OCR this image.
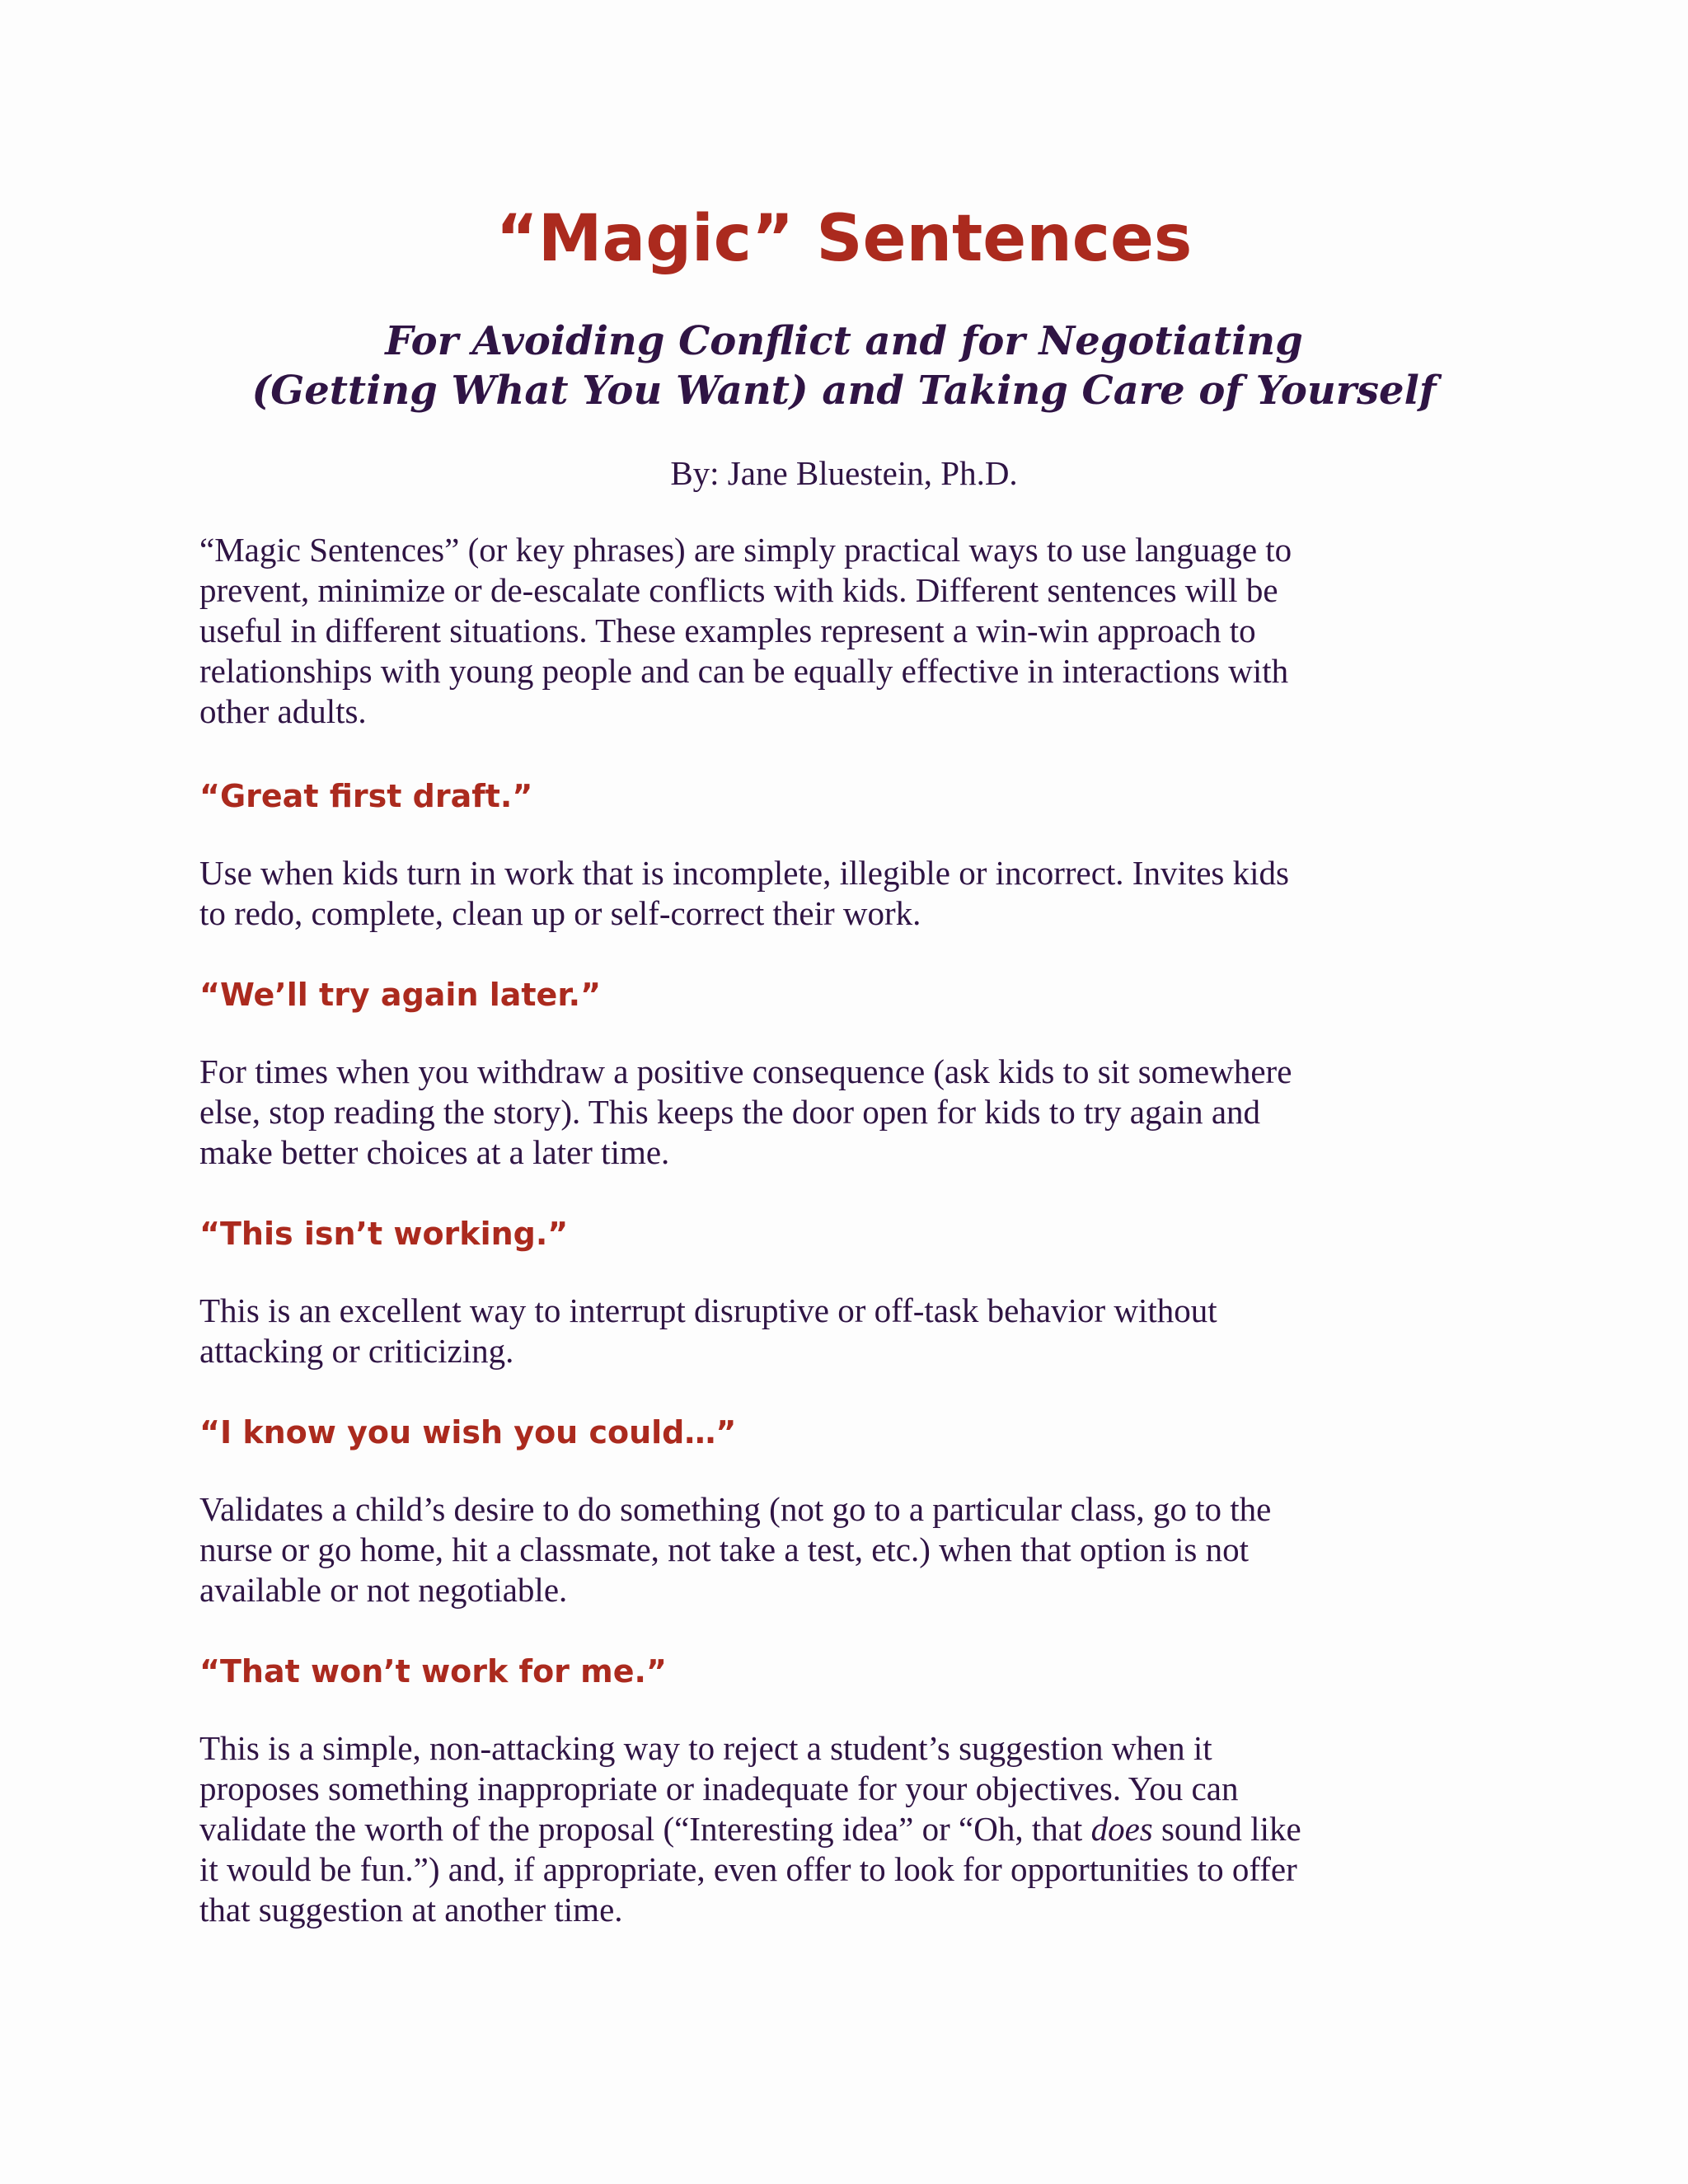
“Magic” Sentences
For Avoiding Conflict and for Negotiating
(Getting What You Want) and Taking Care of Yourself

By: Jane Bluestein, Ph.D.

“Magic Sentences” (or key phrases) are simply practical ways to use language to
prevent, minimize or de-escalate conflicts with kids. Different sentences will be
useful in different situations. These examples represent a win-win approach to
relationships with young people and can be equally effective in interactions with
other adults.
“Great first draft.”
Use when kids turn in work that is incomplete, illegible or incorrect. Invites kids
to redo, complete, clean up or self-correct their work.
“We’ll try again later.”
For times when you withdraw a positive consequence (ask kids to sit somewhere
else, stop reading the story). This keeps the door open for kids to try again and
make better choices at a later time.
“This isn’t working.”
This is an excellent way to interrupt disruptive or off-task behavior without
attacking or criticizing.
“I know you wish you could…”
Validates a child’s desire to do something (not go to a particular class, go to the
nurse or go home, hit a classmate, not take a test, etc.) when that option is not
available or not negotiable.
“That won’t work for me.”
This is a simple, non-attacking way to reject a student’s suggestion when it
proposes something inappropriate or inadequate for your objectives. You can
validate the worth of the proposal (“Interesting idea” or “Oh, that does sound like
it would be fun.”) and, if appropriate, even offer to look for opportunities to offer
that suggestion at another time.
